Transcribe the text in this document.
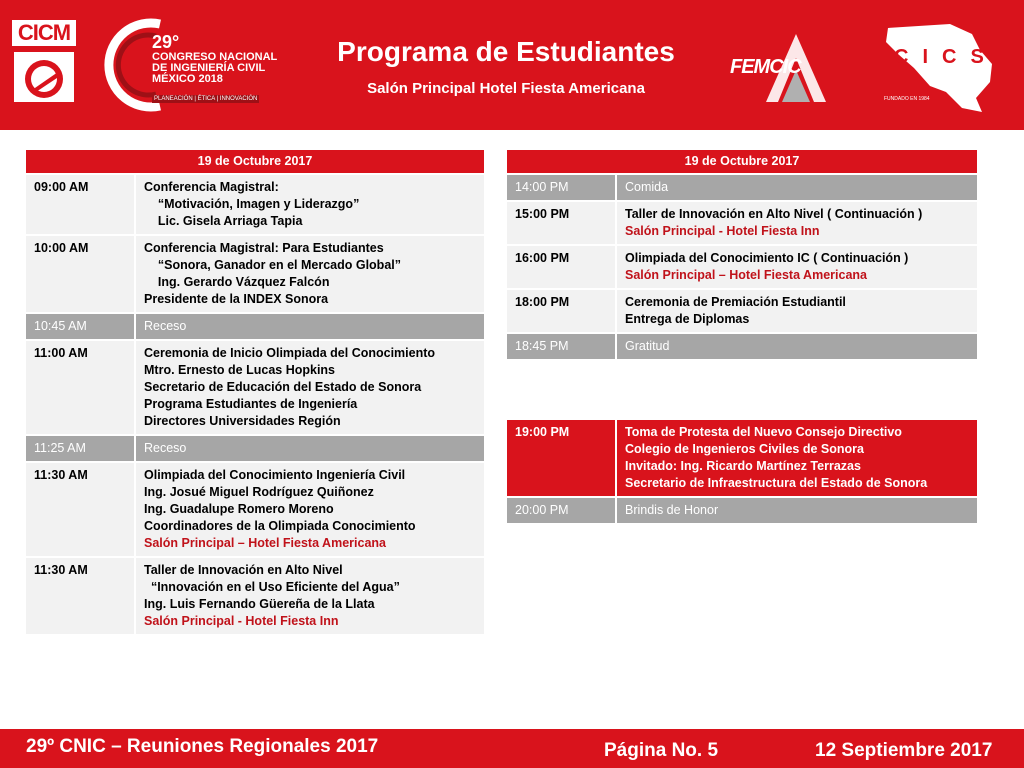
CICM	29°
CONGRESO NACIONAL
DE INGENIERÍA CIVIL
MÉXICO 2018
PLANEACIÓN | ÉTICA | INNOVACIÓN
Programa de Estudiantes
Salón Principal Hotel Fiesta Americana
FEMCIC	CICS
FUNDADO EN 1984
19 de Octubre 2017	
09:00 AM	Conferencia Magistral:
“Motivación, Imagen y Liderazgo”
Lic. Gisela Arriaga Tapia

10:00 AM	Conferencia Magistral: Para Estudiantes
“Sonora, Ganador en el Mercado Global”
Ing. Gerardo Vázquez Falcón
Presidente de la INDEX Sonora

10:45 AM	Receso

11:00 AM	Ceremonia de Inicio Olimpiada del Conocimiento
Mtro. Ernesto de Lucas Hopkins
Secretario de Educación del Estado de Sonora
Programa Estudiantes de Ingeniería
Directores Universidades Región

11:25 AM	Receso

11:30 AM	Olimpiada del Conocimiento Ingeniería Civil
Ing. Josué Miguel Rodríguez Quiñonez
Ing. Guadalupe Romero Moreno
Coordinadores de la Olimpiada Conocimiento
Salón Principal – Hotel Fiesta Americana

11:30 AM	Taller de Innovación en Alto Nivel
“Innovación en el Uso Eficiente del Agua”
Ing. Luis Fernando Güereña de la Llata
Salón Principal - Hotel Fiesta Inn
19 de Octubre 2017	
14:00 PM	Comida

15:00 PM	Taller de Innovación en Alto Nivel ( Continuación )
Salón Principal - Hotel Fiesta Inn

16:00 PM	Olimpiada del Conocimiento IC ( Continuación )
Salón Principal – Hotel Fiesta Americana

18:00 PM	Ceremonia de Premiación Estudiantil
Entrega de Diplomas

18:45 PM	Gratitud
19:00 PM	Toma de Protesta del Nuevo Consejo Directivo
Colegio de Ingenieros Civiles de Sonora
Invitado: Ing. Ricardo Martínez Terrazas
Secretario de Infraestructura del Estado de Sonora

20:00 PM	Brindis de Honor
29º CNIC – Reuniones Regionales 2017	Página No. 5	12 Septiembre 2017
